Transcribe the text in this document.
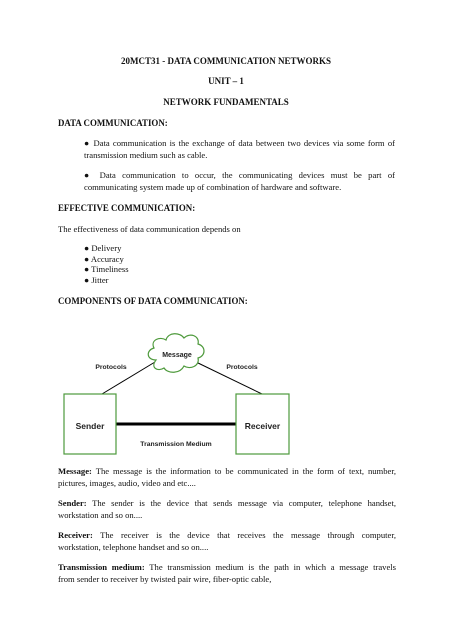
20MCT31 - DATA COMMUNICATION NETWORKS
UNIT – 1
NETWORK FUNDAMENTALS
DATA COMMUNICATION:
● Data communication is the exchange of data between two devices via some form of
transmission medium such as cable.
● Data communication to occur, the communicating devices must be part of
communicating system made up of combination of hardware and software.
EFFECTIVE COMMUNICATION:
The effectiveness of data communication depends on
● Delivery
● Accuracy
● Timeliness
● Jitter
COMPONENTS OF DATA COMMUNICATION:
Message
Protocols	Protocols
Sender	Receiver
Transmission Medium
Message: The message is the information to be communicated in the form of text, number,
pictures, images, audio, video and etc....
Sender: The sender is the device that sends message via computer, telephone handset,
workstation and so on....
Receiver: The receiver is the device that receives the message through computer,
workstation, telephone handset and so on....
Transmission medium: The transmission medium is the path in which a message travels
from sender to receiver by twisted pair wire, fiber-optic cable,
